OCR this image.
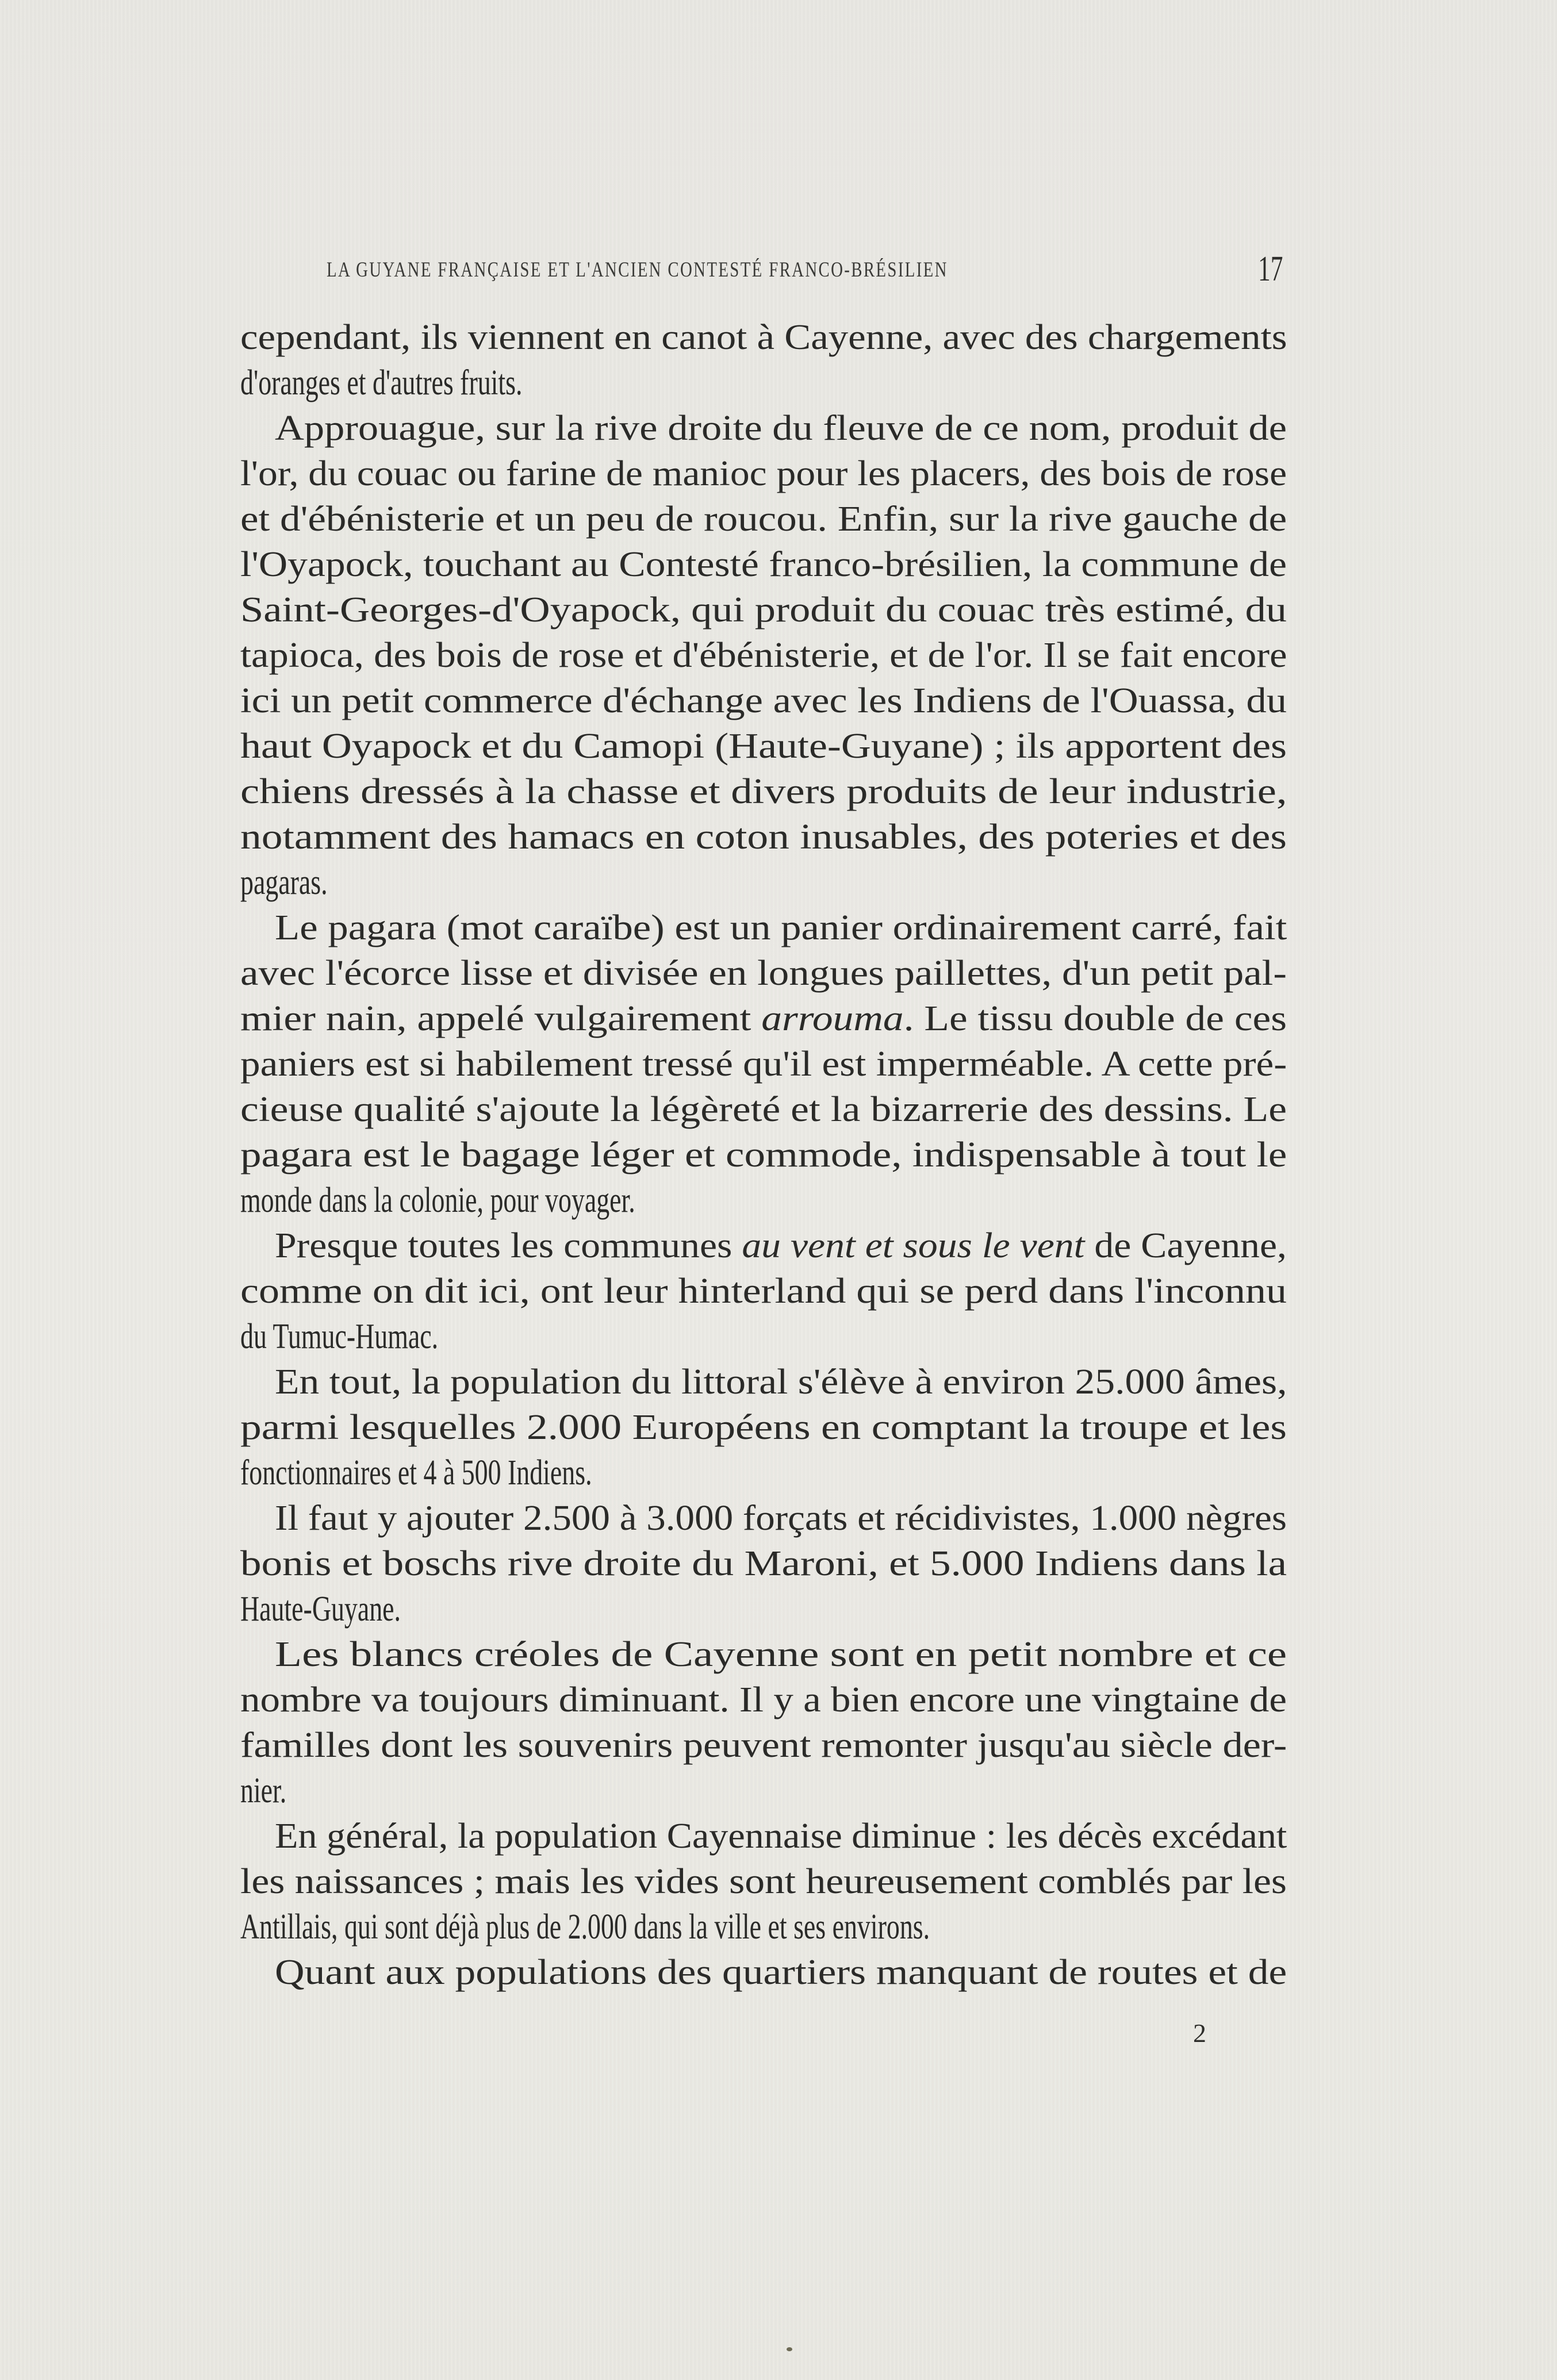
LA GUYANE FRANÇAISE ET L'ANCIEN CONTESTÉ FRANCO-BRÉSILIEN	17
cependant, ils viennent en canot à Cayenne, avec des chargements
d'oranges et d'autres fruits.
Approuague, sur la rive droite du fleuve de ce nom, produit de
l'or, du couac ou farine de manioc pour les placers, des bois de rose
et d'ébénisterie et un peu de roucou. Enfin, sur la rive gauche de
l'Oyapock, touchant au Contesté franco-brésilien, la commune de
Saint-Georges-d'Oyapock, qui produit du couac très estimé, du
tapioca, des bois de rose et d'ébénisterie, et de l'or. Il se fait encore
ici un petit commerce d'échange avec les Indiens de l'Ouassa, du
haut Oyapock et du Camopi (Haute-Guyane) ; ils apportent des
chiens dressés à la chasse et divers produits de leur industrie,
notamment des hamacs en coton inusables, des poteries et des
pagaras.
Le pagara (mot caraïbe) est un panier ordinairement carré, fait
avec l'écorce lisse et divisée en longues paillettes, d'un petit pal-
mier nain, appelé vulgairement arrouma. Le tissu double de ces
paniers est si habilement tressé qu'il est imperméable. A cette pré-
cieuse qualité s'ajoute la légèreté et la bizarrerie des dessins. Le
pagara est le bagage léger et commode, indispensable à tout le
monde dans la colonie, pour voyager.
Presque toutes les communes au vent et sous le vent de Cayenne,
comme on dit ici, ont leur hinterland qui se perd dans l'inconnu
du Tumuc-Humac.
En tout, la population du littoral s'élève à environ 25.000 âmes,
parmi lesquelles 2.000 Européens en comptant la troupe et les
fonctionnaires et 4 à 500 Indiens.
Il faut y ajouter 2.500 à 3.000 forçats et récidivistes, 1.000 nègres
bonis et boschs rive droite du Maroni, et 5.000 Indiens dans la
Haute-Guyane.
Les blancs créoles de Cayenne sont en petit nombre et ce
nombre va toujours diminuant. Il y a bien encore une vingtaine de
familles dont les souvenirs peuvent remonter jusqu'au siècle der-
nier.
En général, la population Cayennaise diminue : les décès excédant
les naissances ; mais les vides sont heureusement comblés par les
Antillais, qui sont déjà plus de 2.000 dans la ville et ses environs.
Quant aux populations des quartiers manquant de routes et de
2
